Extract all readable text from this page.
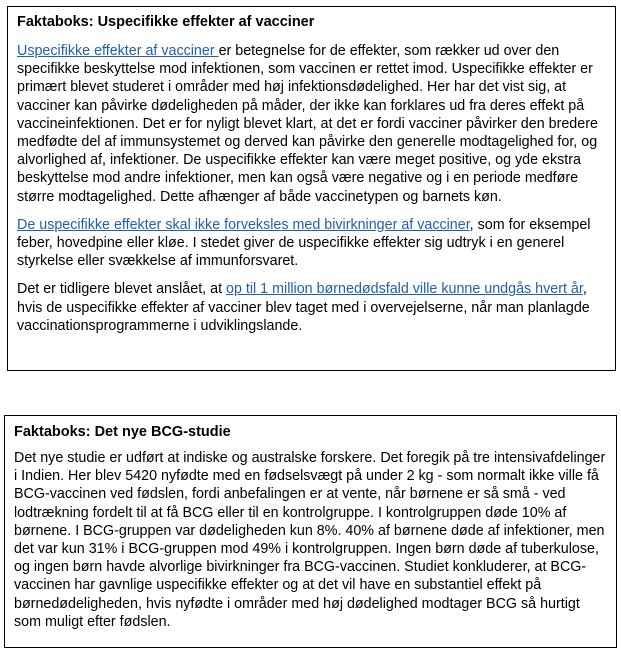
Faktaboks: Uspecifikke effekter af vacciner

Uspecifikke effekter af vacciner er betegnelse for de effekter, som rækker ud over den specifikke beskyttelse mod infektionen, som vaccinen er rettet imod. Uspecifikke effekter er primært blevet studeret i områder med høj infektionsdødelighed. Her har det vist sig, at vacciner kan påvirke dødeligheden på måder, der ikke kan forklares ud fra deres effekt på vaccineinfektionen. Det er for nyligt blevet klart, at det er fordi vacciner påvirker den bredere medfødte del af immunsystemet og derved kan påvirke den generelle modtagelighed for, og alvorlighed af, infektioner. De uspecifikke effekter kan være meget positive, og yde ekstra beskyttelse mod andre infektioner, men kan også være negative og i en periode medføre større modtagelighed. Dette afhænger af både vaccinetypen og barnets køn.

De uspecifikke effekter skal ikke forveksles med bivirkninger af vacciner, som for eksempel feber, hovedpine eller kløe. I stedet giver de uspecifikke effekter sig udtryk i en generel styrkelse eller svækkelse af immunforsvaret.

Det er tidligere blevet anslået, at op til 1 million børnedødsfald ville kunne undgås hvert år, hvis de uspecifikke effekter af vacciner blev taget med i overvejelserne, når man planlagde vaccinationsprogrammerne i udviklingslande.

Faktaboks: Det nye BCG-studie

Det nye studie er udført at indiske og australske forskere. Det foregik på tre intensivafdelinger i Indien. Her blev 5420 nyfødte med en fødselsvægt på under 2 kg - som normalt ikke ville få BCG-vaccinen ved fødslen, fordi anbefalingen er at vente, når børnene er så små - ved lodtrækning fordelt til at få BCG eller til en kontrolgruppe. I kontrolgruppen døde 10% af børnene. I BCG-gruppen var dødeligheden kun 8%. 40% af børnene døde af infektioner, men det var kun 31% i BCG-gruppen mod 49% i kontrolgruppen. Ingen børn døde af tuberkulose, og ingen børn havde alvorlige bivirkninger fra BCG-vaccinen. Studiet konkluderer, at BCG-vaccinen har gavnlige uspecifikke effekter og at det vil have en substantiel effekt på børnedødeligheden, hvis nyfødte i områder med høj dødelighed modtager BCG så hurtigt som muligt efter fødslen.
